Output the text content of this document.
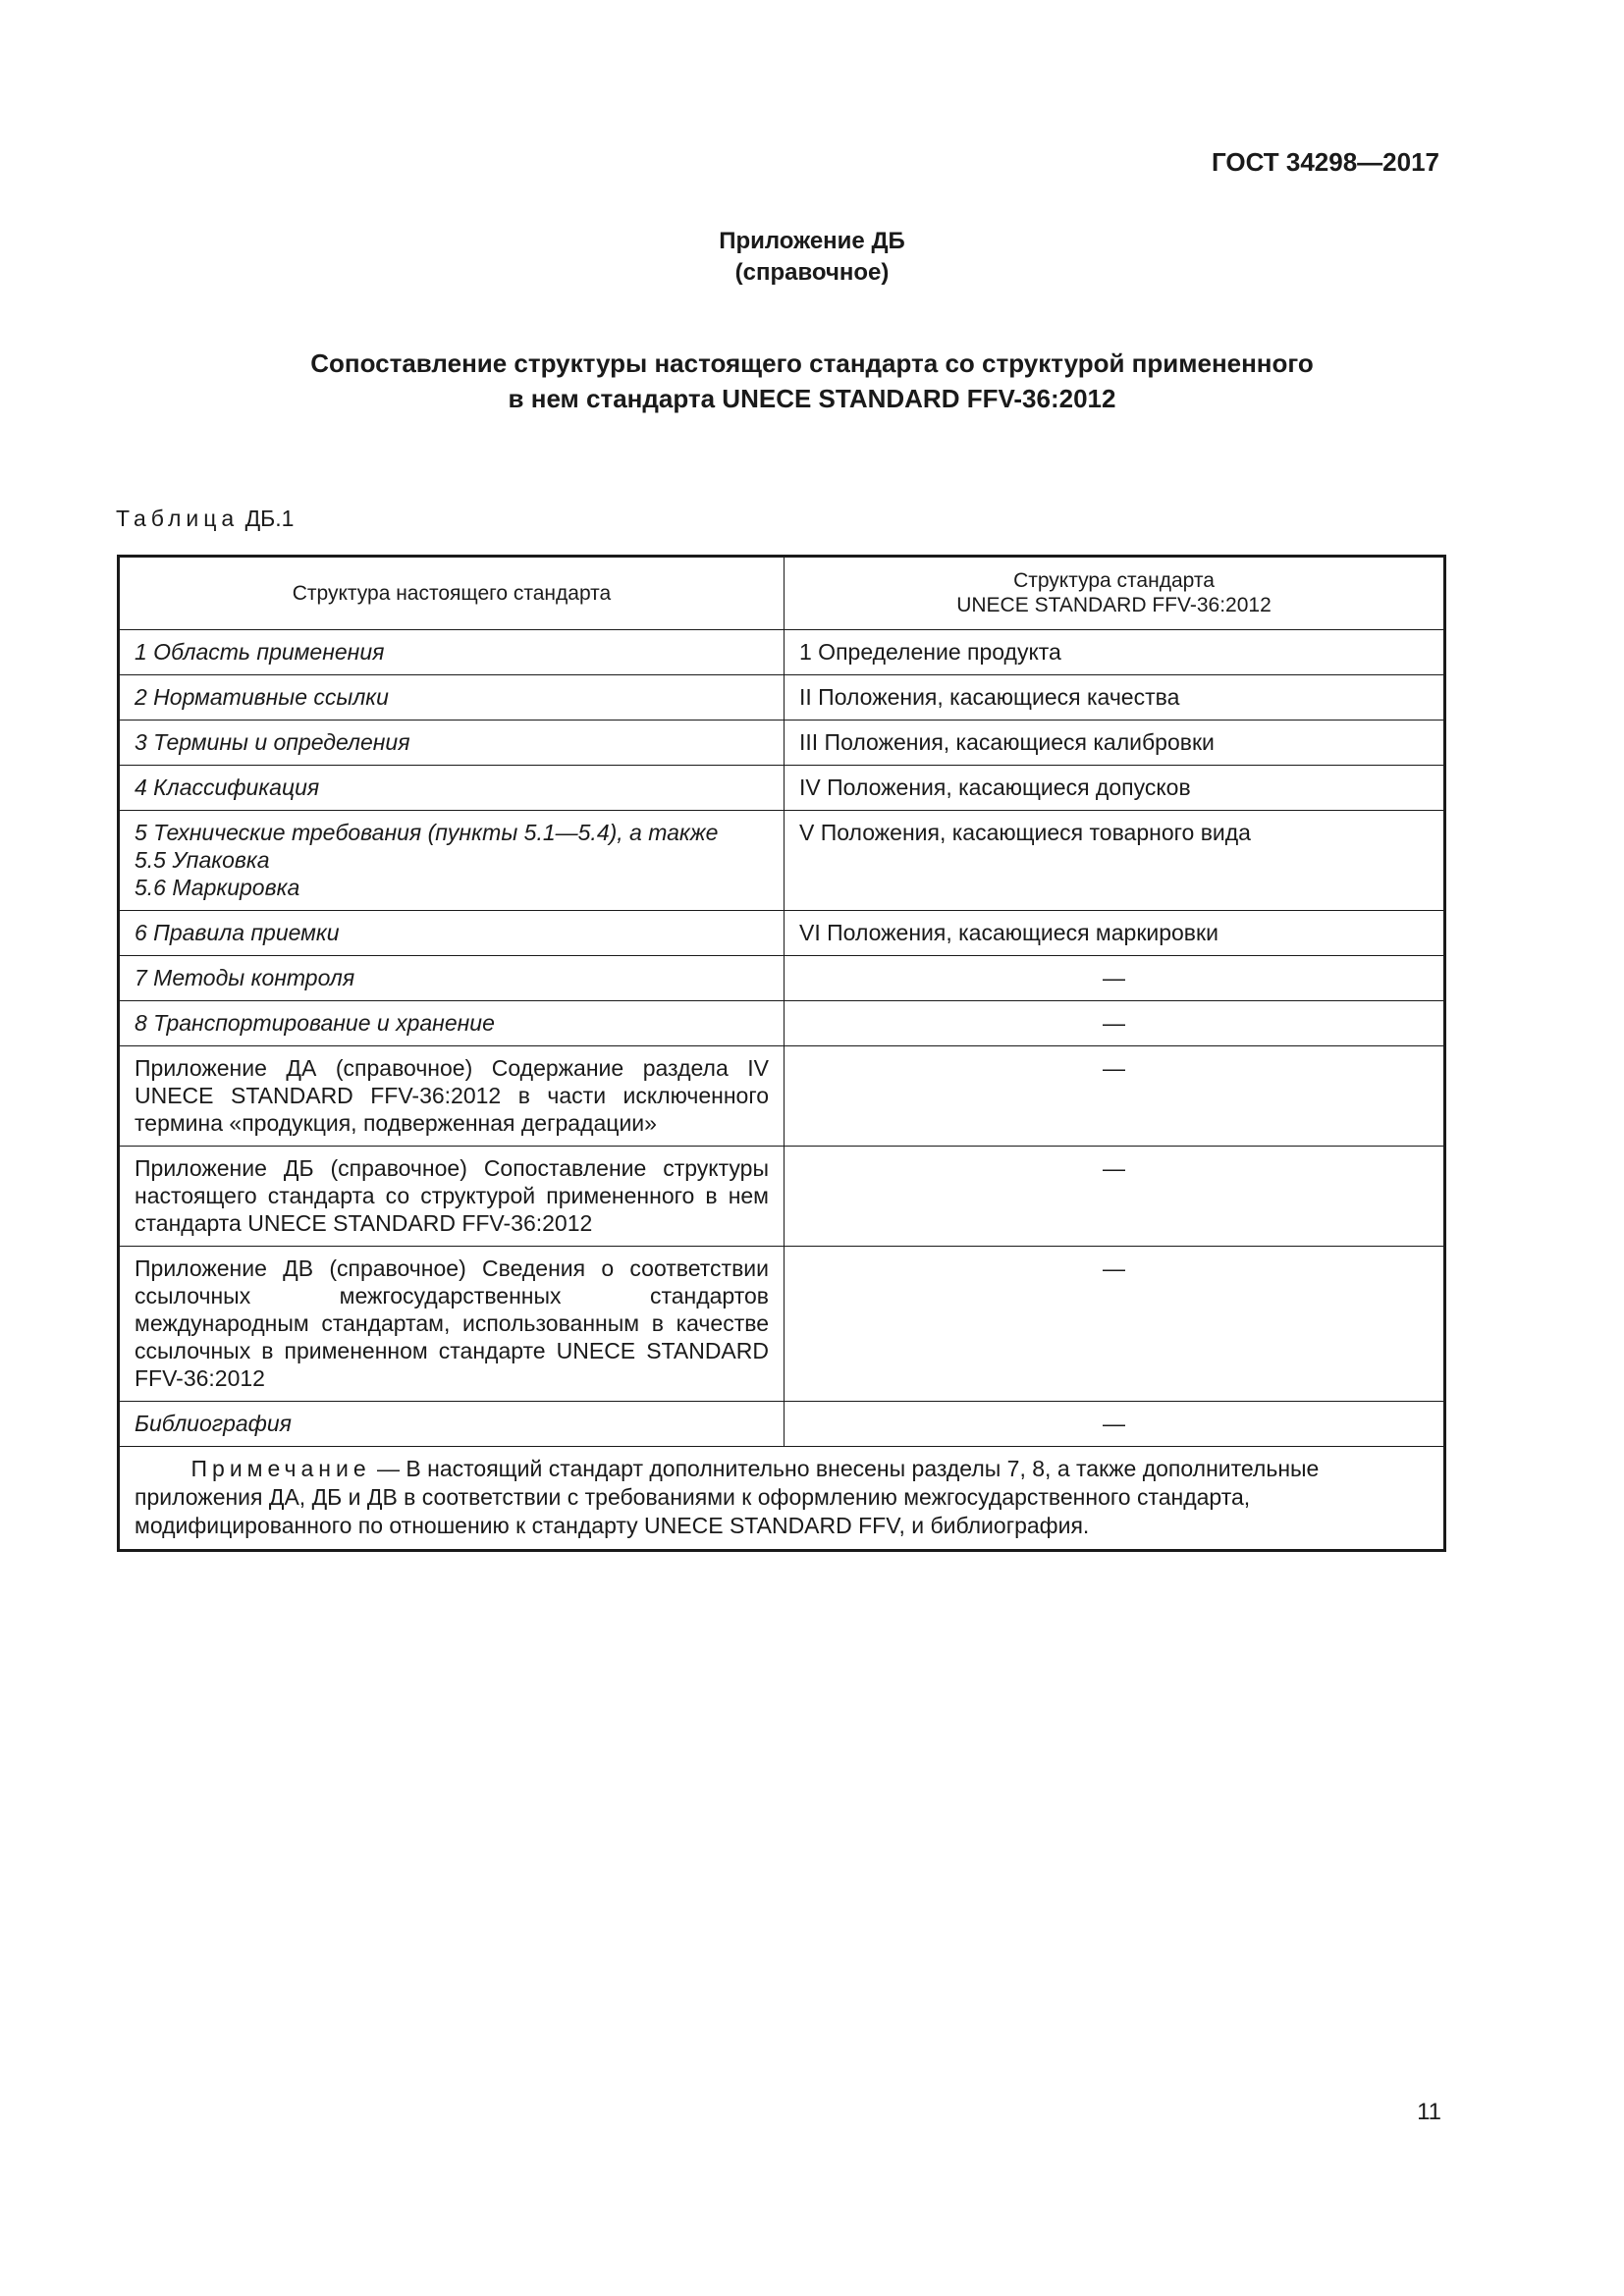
ГОСТ 34298—2017
Приложение ДБ
(справочное)
Сопоставление структуры настоящего стандарта со структурой примененного
в нем стандарта UNECE STANDARD FFV-36:2012
Таблица ДБ.1
Структура настоящего стандарта	Структура стандарта
UNECE STANDARD FFV-36:2012

1 Область применения	1 Определение продукта
2 Нормативные ссылки	II Положения, касающиеся качества
3 Термины и определения	III Положения, касающиеся калибровки
4 Классификация	IV Положения, касающиеся допусков

5 Технические требования (пункты 5.1—5.4), а также
5.5 Упаковка
5.6 Маркировка	V Положения, касающиеся товарного вида
6 Правила приемки	VI Положения, касающиеся маркировки
7 Методы контроля	—
8 Транспортирование и хранение	—
Приложение ДА (справочное) Содержание раздела IV UNECE STANDARD FFV-36:2012 в части исключенного термина «продукция, подверженная деградации»	—
Приложение ДБ (справочное) Сопоставление структуры настоящего стандарта со структурой примененного в нем стандарта UNECE STANDARD FFV-36:2012	—
Приложение ДВ (справочное) Сведения о соответствии ссылочных межгосударственных стандартов международным стандартам, использованным в качестве ссылочных в примененном стандарте UNECE STANDARD FFV-36:2012	—
Библиография	—
Примечание — В настоящий стандарт дополнительно внесены разделы 7, 8, а также дополнительные приложения ДА, ДБ и ДВ в соответствии с требованиями к оформлению межгосударственного стандарта, модифицированного по отношению к стандарту UNECE STANDARD FFV, и библиография.	
11
